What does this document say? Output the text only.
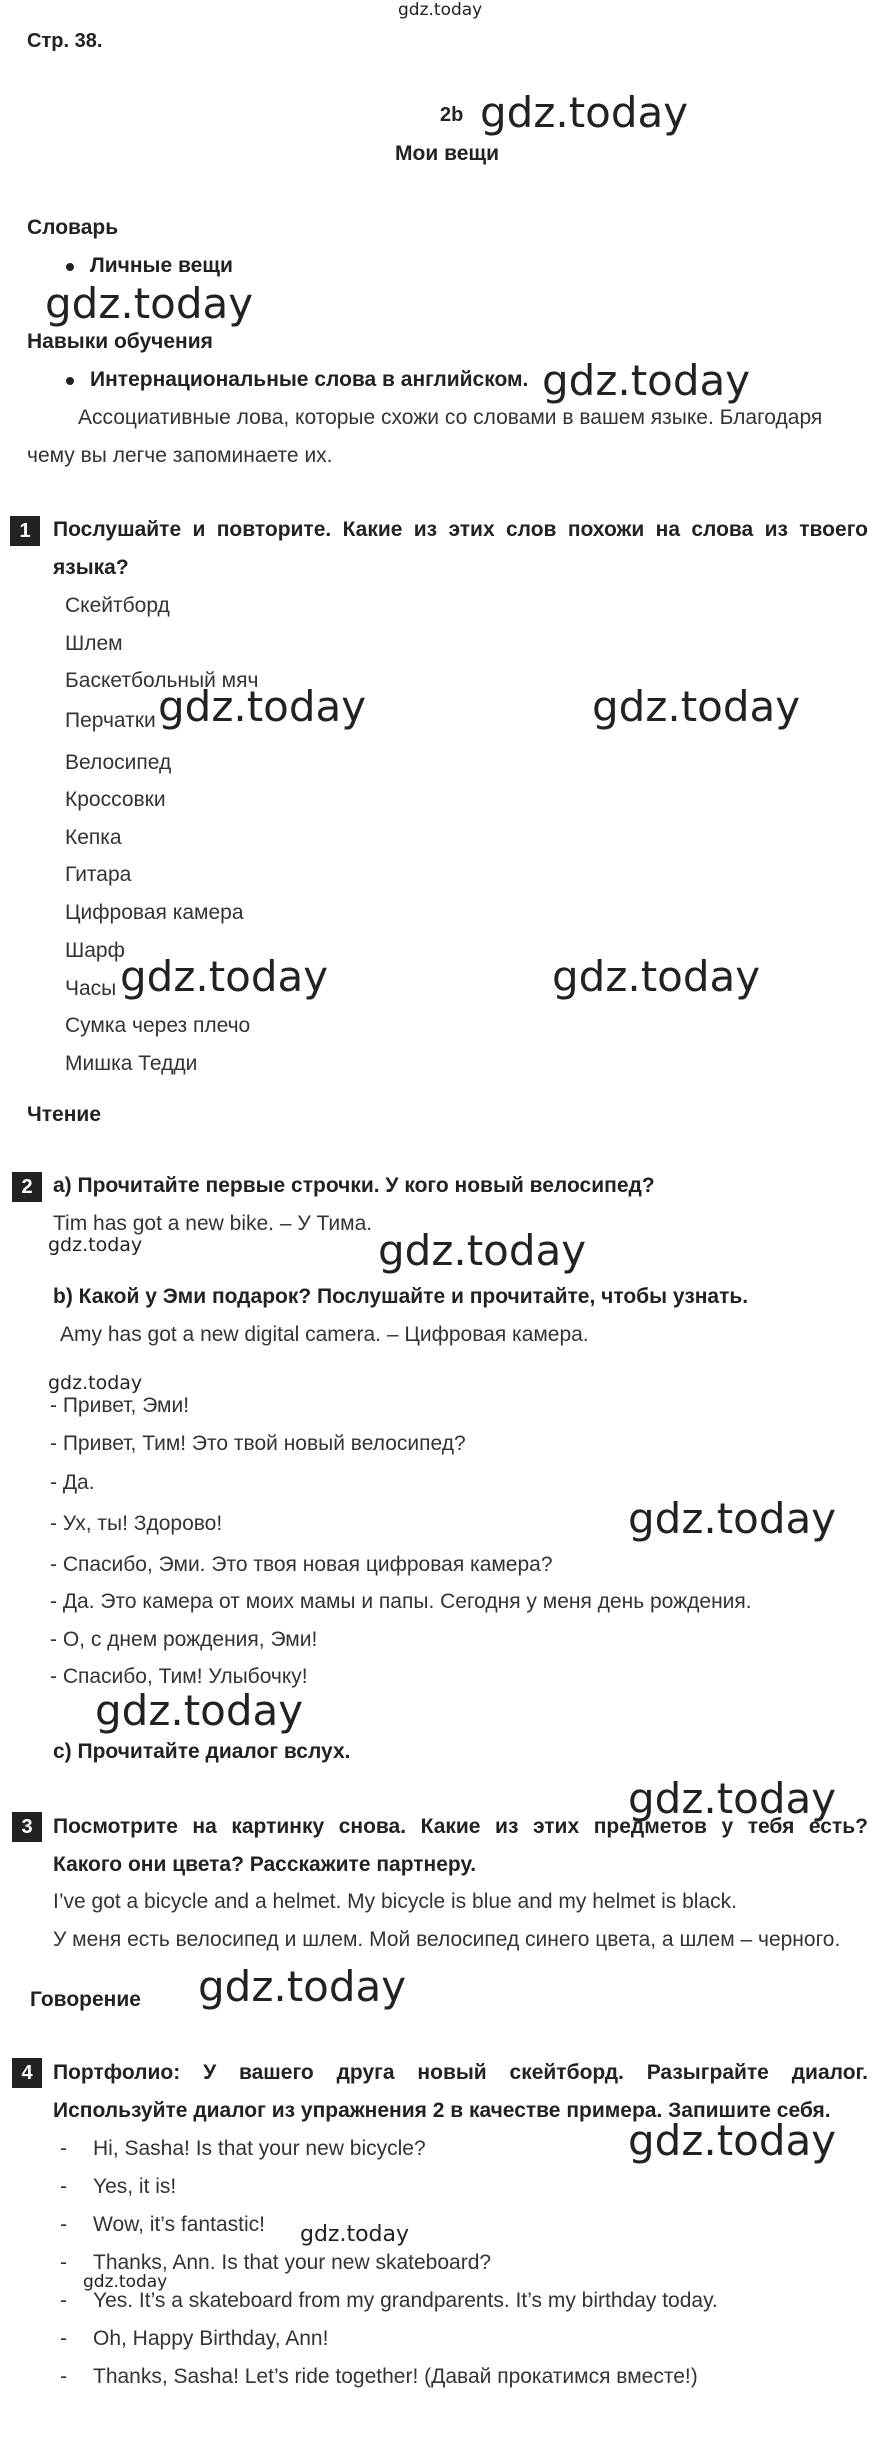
gdz.today
Стр. 38.
2b gdz.today
Мои вещи
Словарь
Личные вещи
gdz.today
Навыки обучения
Интернациональные слова в английском. gdz.today
Ассоциативные лова, которые схожи со словами в вашем языке. Благодаря
чему вы легче запоминаете их.
1	Послушайте и повторите. Какие из этих слов похожи на слова из твоего
языка?
Скейтборд
Шлем
Баскетбольный мяч
Перчатки gdz.today	gdz.today
Велосипед
Кроссовки
Кепка
Гитара
Цифровая камера
Шарф
Часы gdz.today	gdz.today
Сумка через плечо
Мишка Тедди
Чтение
2 a) Прочитайте первые строчки. У кого новый велосипед?
Tim has got a new bike. – У Тима.
gdz.today	gdz.today
b) Какой у Эми подарок? Послушайте и прочитайте, чтобы узнать.
Amy has got a new digital camera. – Цифровая камера.
gdz.today
- Привет, Эми!
- Привет, Тим! Это твой новый велосипед?
- Да.
- Ух, ты! Здорово!	gdz.today
- Спасибо, Эми. Это твоя новая цифровая камера?
- Да. Это камера от моих мамы и папы. Сегодня у меня день рождения.
- О, с днем рождения, Эми!
- Спасибо, Тим! Улыбочку!
gdz.today
c) Прочитайте диалог вслух.
gdz.today
3 Посмотрите на картинку снова. Какие из этих предметов у тебя есть?
Какого они цвета? Расскажите партнеру.
I’ve got a bicycle and a helmet. My bicycle is blue and my helmet is black.
У меня есть велосипед и шлем. Мой велосипед синего цвета, а шлем – черного.
Говорение gdz.today
4 Портфолио: У вашего друга новый скейтборд. Разыграйте диалог.
Используйте диалог из упражнения 2 в качестве примера. Запишите себя.
- Hi, Sasha! Is that your new bicycle?	gdz.today
- Yes, it is!
- Wow, it’s fantastic! gdz.today
- Thanks, Ann. Is that your new skateboard?
gdz.today
- Yes. It’s a skateboard from my grandparents. It’s my birthday today.
- Oh, Happy Birthday, Ann!
- Thanks, Sasha! Let’s ride together! (Давай прокатимся вместе!)
